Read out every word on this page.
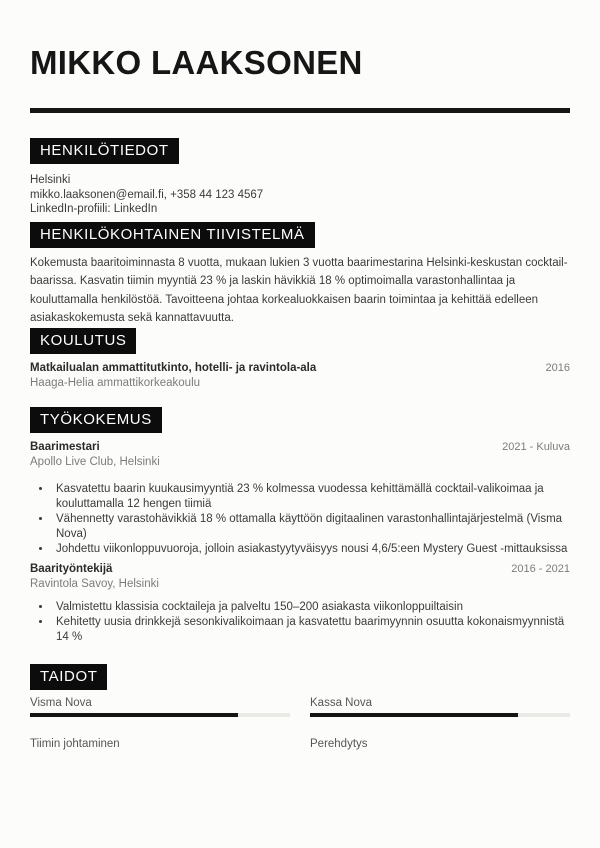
MIKKO LAAKSONEN
HENKILÖTIEDOT

Helsinki

mikko.laaksonen@email.fi, +358 44 123 4567

LinkedIn-profiili: LinkedIn

HENKILÖKOHTAINEN TIIVISTELMÄ

Kokemusta baaritoiminnasta 8 vuotta, mukaan lukien 3 vuotta baarimestarina Helsinki-keskustan cocktail-baarissa. Kasvatin tiimin myyntiä 23 % ja laskin hävikkiä 18 % optimoimalla varastonhallintaa ja kouluttamalla henkilöstöä. Tavoitteena johtaa korkealuokkaisen baarin toimintaa ja kehittää edelleen asiakaskokemusta sekä kannattavuutta.

KOULUTUS
Matkailualan ammattitutkinto, hotelli- ja ravintola-ala	2016
Haaga-Helia ammattikorkeakoulu
TYÖKOKEMUS
Baarimestari	2021 - Kuluva
Apollo Live Club, Helsinki
• Kasvatettu baarin kuukausimyyntiä 23 % kolmessa vuodessa kehittämällä cocktail-valikoimaa ja kouluttamalla 12 hengen tiimiä
• Vähennetty varastohävikkiä 18 % ottamalla käyttöön digitaalinen varastonhallintajärjestelmä (Visma Nova)
• Johdettu viikonloppuvuoroja, jolloin asiakastyytyväisyys nousi 4,6/5:een Mystery Guest -mittauksissa
Baarityöntekijä	2016 - 2021
Ravintola Savoy, Helsinki
• Valmistettu klassisia cocktaileja ja palveltu 150–200 asiakasta viikonloppuiltaisin
• Kehitetty uusia drinkkejä sesonkivalikoimaan ja kasvatettu baarimyynnin osuutta kokonaismyynnistä 14 %
TAIDOT
Visma Nova	Kassa Nova
Tiimin johtaminen	Perehdytys
